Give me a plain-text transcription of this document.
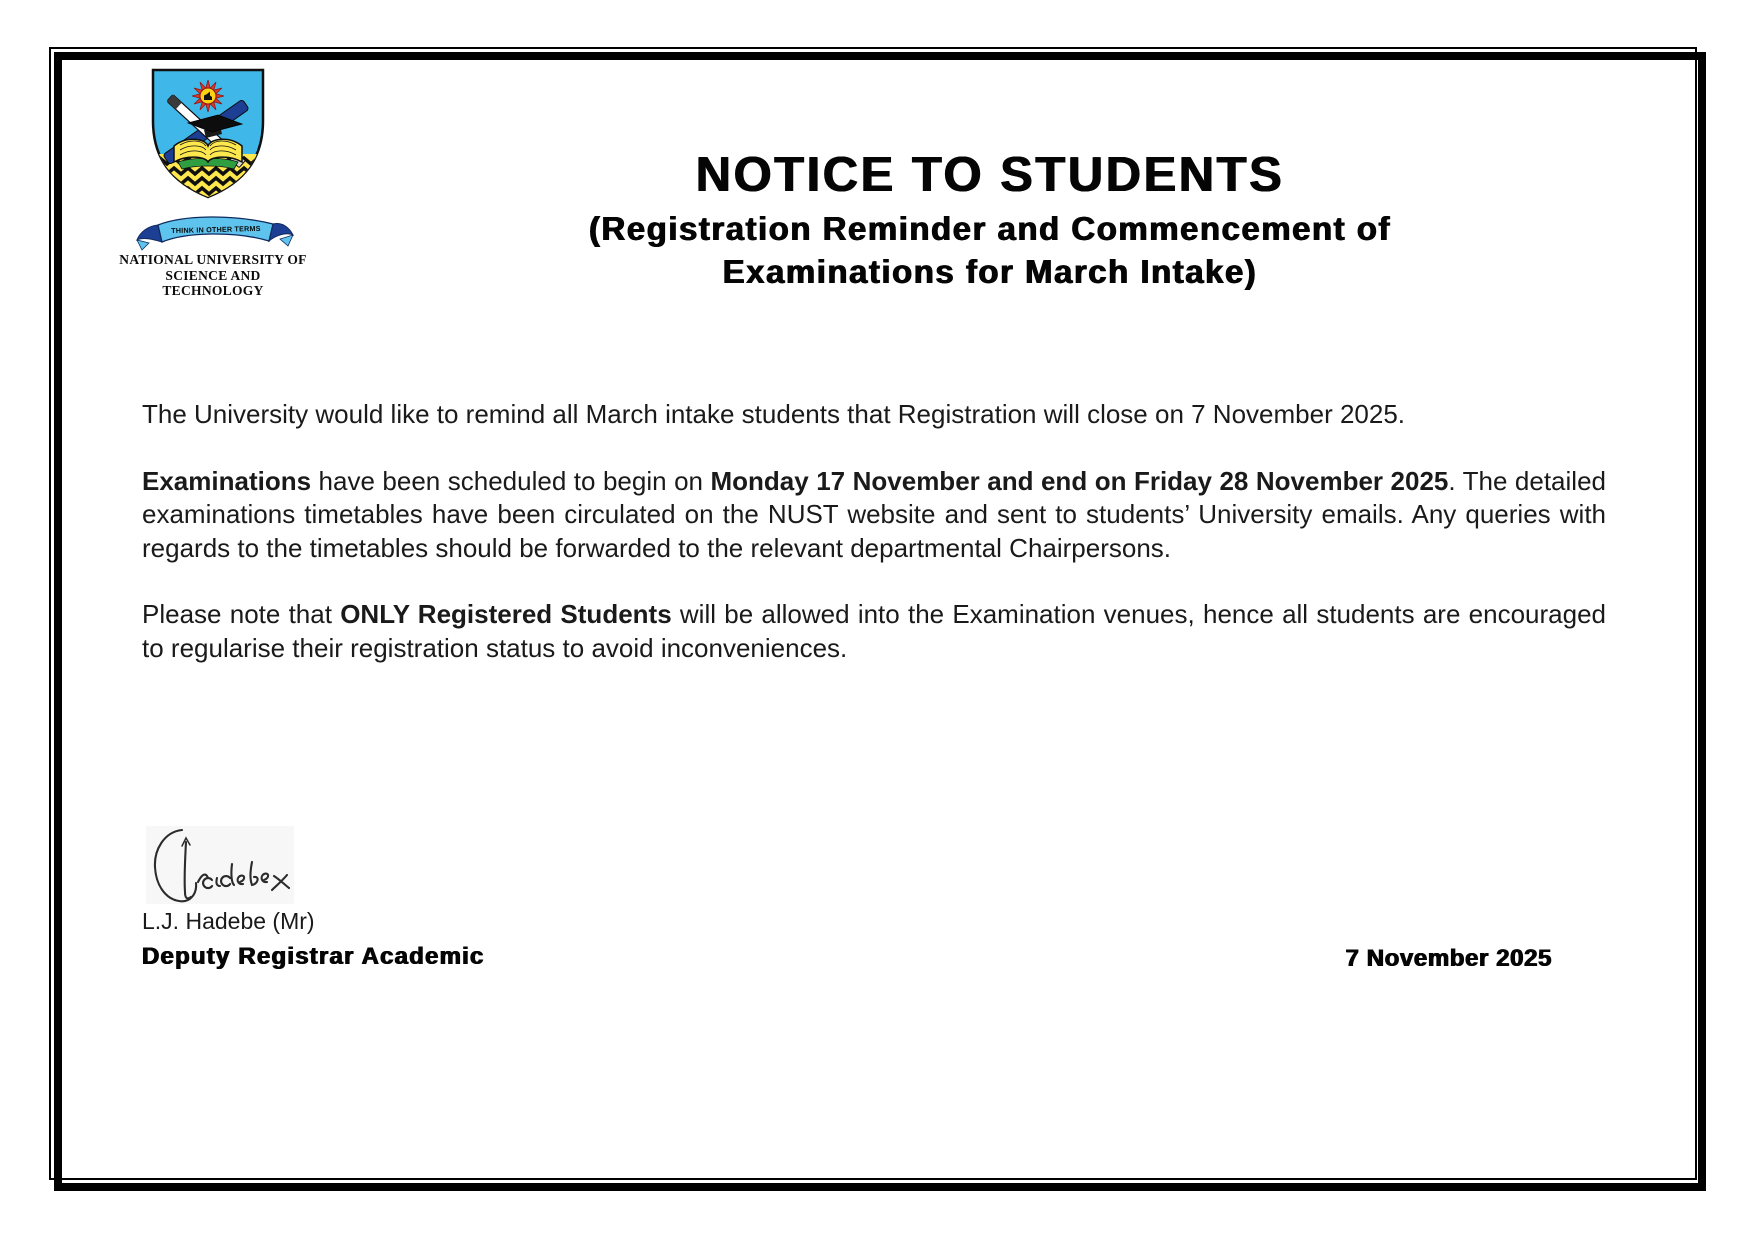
THINK IN OTHER TERMS
NATIONAL UNIVERSITY OF
SCIENCE AND TECHNOLOGY
NOTICE TO STUDENTS
(Registration Reminder and Commencement of
Examinations for March Intake)

The University would like to remind all March intake students that Registration will close on 7 November 2025.

Examinations have been scheduled to begin on Monday 17 November and end on Friday 28 November 2025. The detailed examinations timetables have been circulated on the NUST website and sent to students’ University emails. Any queries with regards to the timetables should be forwarded to the relevant departmental Chairpersons.

Please note that ONLY Registered Students will be allowed into the Examination venues, hence all students are encouraged to regularise their registration status to avoid inconveniences.

L.J. Hadebe (Mr)
Deputy Registrar Academic	7 November 2025
